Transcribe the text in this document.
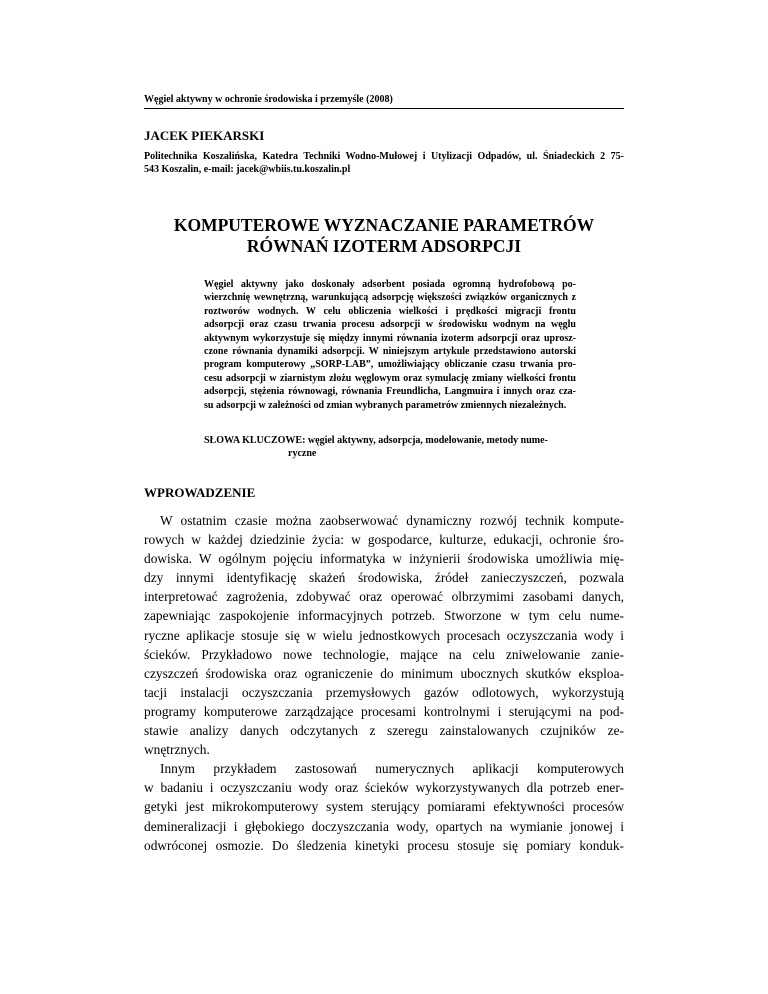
Węgiel aktywny w ochronie środowiska i przemyśle (2008)
JACEK PIEKARSKI
Politechnika Koszalińska, Katedra Techniki Wodno-Mułowej i Utylizacji Odpadów, ul. Śniadeckich 2 75-
543 Koszalin, e-mail: jacek@wbiis.tu.koszalin.pl
KOMPUTEROWE WYZNACZANIE PARAMETRÓW
RÓWNAŃ IZOTERM ADSORPCJI
Węgiel aktywny jako doskonały adsorbent posiada ogromną hydrofobową po-
wierzchnię wewnętrzną, warunkującą adsorpcję większości związków organicznych z
roztworów wodnych. W celu obliczenia wielkości i prędkości migracji frontu
adsorpcji oraz czasu trwania procesu adsorpcji w środowisku wodnym na węglu
aktywnym wykorzystuje się między innymi równania izoterm adsorpcji oraz uprosz-
czone równania dynamiki adsorpcji. W niniejszym artykule przedstawiono autorski
program komputerowy „SORP-LAB”, umożliwiający obliczanie czasu trwania pro-
cesu adsorpcji w ziarnistym złożu węglowym oraz symulację zmiany wielkości frontu
adsorpcji, stężenia równowagi, równania Freundlicha, Langmuira i innych oraz cza-
su adsorpcji w zależności od zmian wybranych parametrów zmiennych niezależnych.
SŁOWA KLUCZOWE: węgiel aktywny, adsorpcja, modelowanie, metody nume-
ryczne
WPROWADZENIE
W ostatnim czasie można zaobserwować dynamiczny rozwój technik kompute-
rowych w każdej dziedzinie życia: w gospodarce, kulturze, edukacji, ochronie śro-
dowiska. W ogólnym pojęciu informatyka w inżynierii środowiska umożliwia mię-
dzy innymi identyfikację skażeń środowiska, źródeł zanieczyszczeń, pozwala
interpretować zagrożenia, zdobywać oraz operować olbrzymimi zasobami danych,
zapewniając zaspokojenie informacyjnych potrzeb. Stworzone w tym celu nume-
ryczne aplikacje stosuje się w wielu jednostkowych procesach oczyszczania wody i
ścieków. Przykładowo nowe technologie, mające na celu zniwelowanie zanie-
czyszczeń środowiska oraz ograniczenie do minimum ubocznych skutków eksploa-
tacji instalacji oczyszczania przemysłowych gazów odlotowych, wykorzystują
programy komputerowe zarządzające procesami kontrolnymi i sterującymi na pod-
stawie analizy danych odczytanych z szeregu zainstalowanych czujników ze-
wnętrznych.
Innym przykładem zastosowań numerycznych aplikacji komputerowych
w badaniu i oczyszczaniu wody oraz ścieków wykorzystywanych dla potrzeb ener-
getyki jest mikrokomputerowy system sterujący pomiarami efektywności procesów
demineralizacji i głębokiego doczyszczania wody, opartych na wymianie jonowej i
odwróconej osmozie. Do śledzenia kinetyki procesu stosuje się pomiary konduk-
